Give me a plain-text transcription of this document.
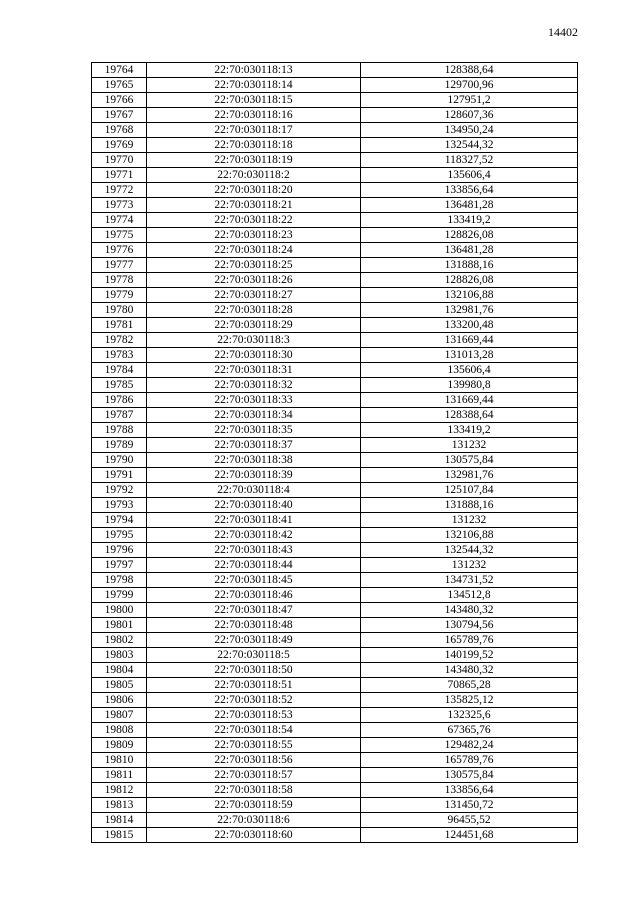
14402
19764	22:70:030118:13	128388,64
19765	22:70:030118:14	129700,96
19766	22:70:030118:15	127951,2
19767	22:70:030118:16	128607,36
19768	22:70:030118:17	134950,24
19769	22:70:030118:18	132544,32
19770	22:70:030118:19	118327,52
19771	22:70:030118:2	135606,4
19772	22:70:030118:20	133856,64
19773	22:70:030118:21	136481,28
19774	22:70:030118:22	133419,2
19775	22:70:030118:23	128826,08
19776	22:70:030118:24	136481,28
19777	22:70:030118:25	131888,16
19778	22:70:030118:26	128826,08
19779	22:70:030118:27	132106,88
19780	22:70:030118:28	132981,76
19781	22:70:030118:29	133200,48
19782	22:70:030118:3	131669,44
19783	22:70:030118:30	131013,28
19784	22:70:030118:31	135606,4
19785	22:70:030118:32	139980,8
19786	22:70:030118:33	131669,44
19787	22:70:030118:34	128388,64
19788	22:70:030118:35	133419,2
19789	22:70:030118:37	131232
19790	22:70:030118:38	130575,84
19791	22:70:030118:39	132981,76
19792	22:70:030118:4	125107,84
19793	22:70:030118:40	131888,16
19794	22:70:030118:41	131232
19795	22:70:030118:42	132106,88
19796	22:70:030118:43	132544,32
19797	22:70:030118:44	131232
19798	22:70:030118:45	134731,52
19799	22:70:030118:46	134512,8
19800	22:70:030118:47	143480,32
19801	22:70:030118:48	130794,56
19802	22:70:030118:49	165789,76
19803	22:70:030118:5	140199,52
19804	22:70:030118:50	143480,32
19805	22:70:030118:51	70865,28
19806	22:70:030118:52	135825,12
19807	22:70:030118:53	132325,6
19808	22:70:030118:54	67365,76
19809	22:70:030118:55	129482,24
19810	22:70:030118:56	165789,76
19811	22:70:030118:57	130575,84
19812	22:70:030118:58	133856,64
19813	22:70:030118:59	131450,72
19814	22:70:030118:6	96455,52
19815	22:70:030118:60	124451,68
